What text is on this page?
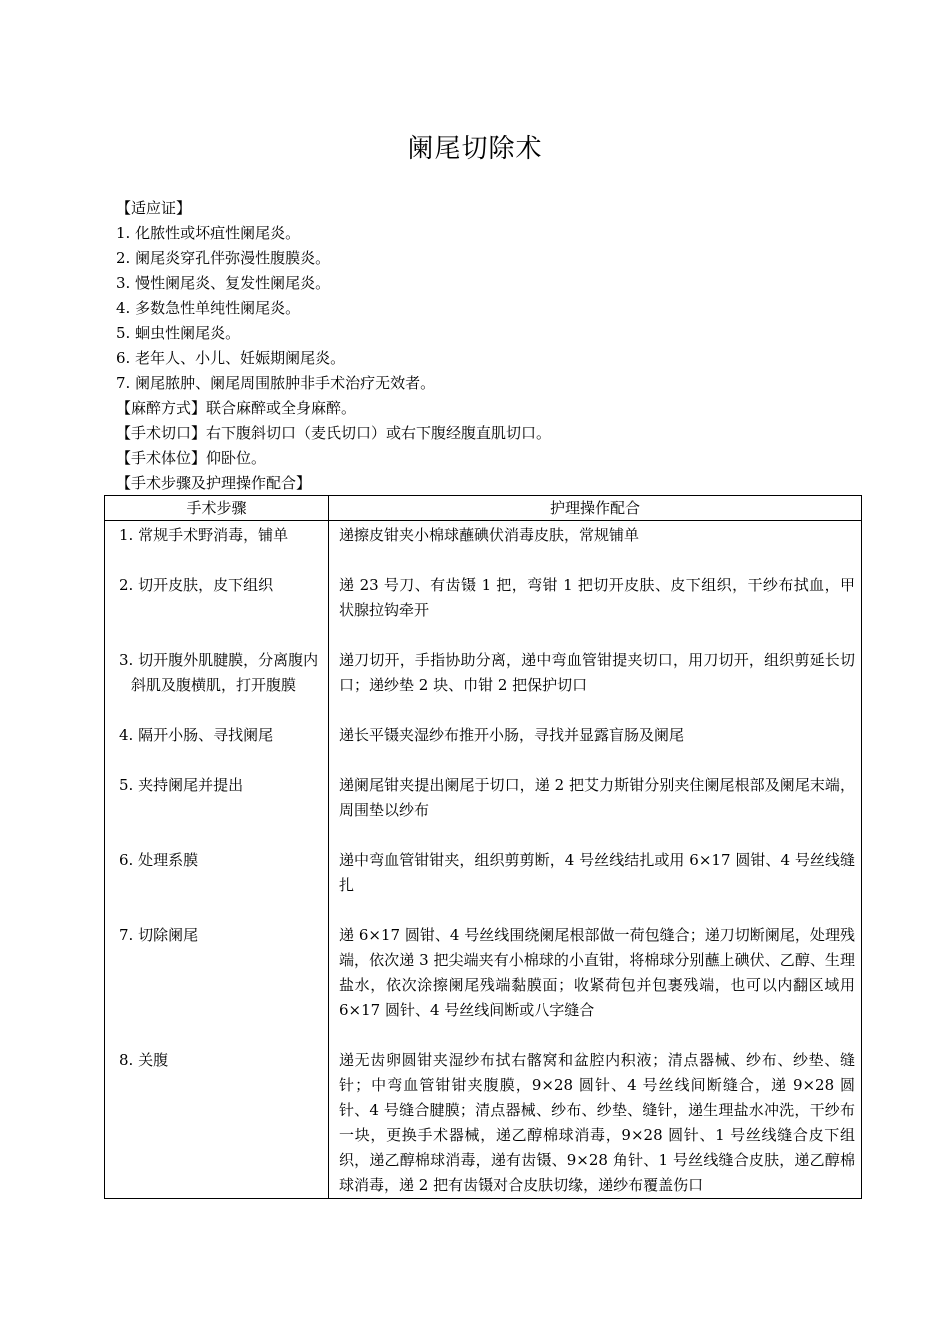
阑尾切除术
【适应证】
1. 化脓性或坏疽性阑尾炎。
2. 阑尾炎穿孔伴弥漫性腹膜炎。
3. 慢性阑尾炎、复发性阑尾炎。
4. 多数急性单纯性阑尾炎。
5. 蛔虫性阑尾炎。
6. 老年人、小儿、妊娠期阑尾炎。
7. 阑尾脓肿、阑尾周围脓肿非手术治疗无效者。
【麻醉方式】联合麻醉或全身麻醉。
【手术切口】右下腹斜切口（麦氏切口）或右下腹经腹直肌切口。
【手术体位】仰卧位。
【手术步骤及护理操作配合】
手术步骤	护理操作配合

1. 常规手术野消毒，铺单	递擦皮钳夹小棉球蘸碘伏消毒皮肤，常规铺单

2. 切开皮肤，皮下组织	递 23 号刀、有齿镊 1 把，弯钳 1 把切开皮肤、皮下组织，干纱布拭血，甲状腺拉钩牵开

3. 切开腹外肌腱膜，分离腹内斜肌及腹横肌，打开腹膜	递刀切开，手指协助分离，递中弯血管钳提夹切口，用刀切开，组织剪延长切口；递纱垫 2 块、巾钳 2 把保护切口

4. 隔开小肠、寻找阑尾	递长平镊夹湿纱布推开小肠，寻找并显露盲肠及阑尾

5. 夹持阑尾并提出	递阑尾钳夹提出阑尾于切口，递 2 把艾力斯钳分别夹住阑尾根部及阑尾末端，周围垫以纱布

6. 处理系膜	递中弯血管钳钳夹，组织剪剪断，4 号丝线结扎或用 6×17 圆钳、4 号丝线缝扎

7. 切除阑尾	递 6×17 圆钳、4 号丝线围绕阑尾根部做一荷包缝合；递刀切断阑尾，处理残端，依次递 3 把尖端夹有小棉球的小直钳，将棉球分别蘸上碘伏、乙醇、生理盐水，依次涂擦阑尾残端黏膜面；收紧荷包并包裹残端，也可以内翻区域用 6×17 圆针、4 号丝线间断或八字缝合

8. 关腹	递无齿卵圆钳夹湿纱布拭右髂窝和盆腔内积液；清点器械、纱布、纱垫、缝针；中弯血管钳钳夹腹膜，9×28 圆针、4 号丝线间断缝合，递 9×28 圆针、4 号缝合腱膜；清点器械、纱布、纱垫、缝针，递生理盐水冲洗，干纱布一块，更换手术器械，递乙醇棉球消毒，9×28 圆针、1 号丝线缝合皮下组织，递乙醇棉球消毒，递有齿镊、9×28 角针、1 号丝线缝合皮肤，递乙醇棉球消毒，递 2 把有齿镊对合皮肤切缘，递纱布覆盖伤口
